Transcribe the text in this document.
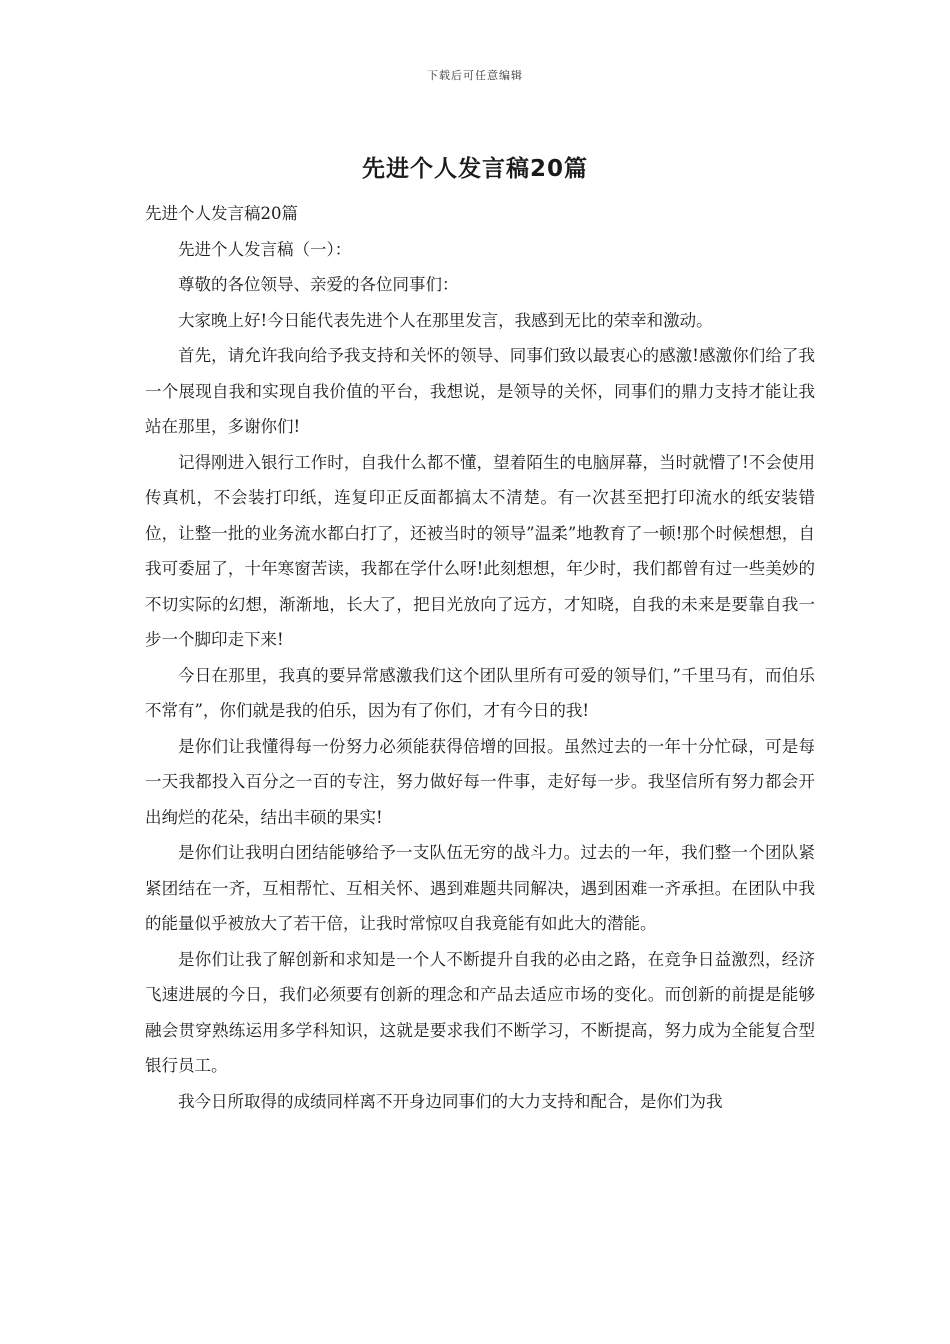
下载后可任意编辑
先进个人发言稿20篇

先进个人发言稿20篇

先进个人发言稿（一）：

尊敬的各位领导、亲爱的各位同事们：

大家晚上好!今日能代表先进个人在那里发言，我感到无比的荣幸和激动。

首先，请允许我向给予我支持和关怀的领导、同事们致以最衷心的感激!感激你们给了我一个展现自我和实现自我价值的平台，我想说，是领导的关怀，同事们的鼎力支持才能让我站在那里，多谢你们!

记得刚进入银行工作时，自我什么都不懂，望着陌生的电脑屏幕，当时就懵了!不会使用传真机，不会装打印纸，连复印正反面都搞太不清楚。有一次甚至把打印流水的纸安装错位，让整一批的业务流水都白打了，还被当时的领导”温柔”地教育了一顿!那个时候想想，自我可委屈了，十年寒窗苦读，我都在学什么呀!此刻想想，年少时，我们都曾有过一些美妙的不切实际的幻想，渐渐地，长大了，把目光放向了远方，才知晓，自我的未来是要靠自我一步一个脚印走下来!

今日在那里，我真的要异常感激我们这个团队里所有可爱的领导们，”千里马有，而伯乐不常有”，你们就是我的伯乐，因为有了你们，才有今日的我!

是你们让我懂得每一份努力必须能获得倍增的回报。虽然过去的一年十分忙碌，可是每一天我都投入百分之一百的专注，努力做好每一件事，走好每一步。我坚信所有努力都会开出绚烂的花朵，结出丰硕的果实!

是你们让我明白团结能够给予一支队伍无穷的战斗力。过去的一年，我们整一个团队紧紧团结在一齐，互相帮忙、互相关怀、遇到难题共同解决，遇到困难一齐承担。在团队中我的能量似乎被放大了若干倍，让我时常惊叹自我竟能有如此大的潜能。

是你们让我了解创新和求知是一个人不断提升自我的必由之路，在竞争日益激烈，经济飞速进展的今日，我们必须要有创新的理念和产品去适应市场的变化。而创新的前提是能够融会贯穿熟练运用多学科知识，这就是要求我们不断学习，不断提高，努力成为全能复合型银行员工。

我今日所取得的成绩同样离不开身边同事们的大力支持和配合，是你们为我
